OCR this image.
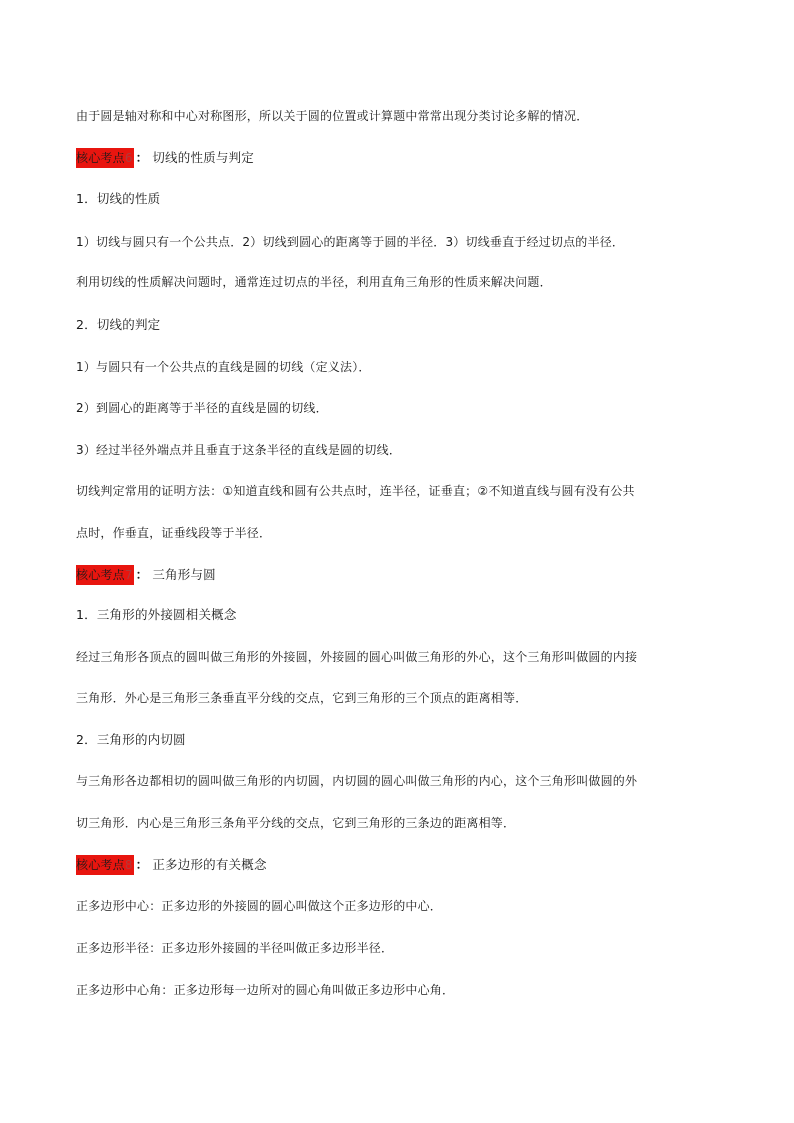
由于圆是轴对称和中心对称图形，所以关于圆的位置或计算题中常常出现分类讨论多解的情况．
核心考点6 ： 切线的性质与判定
1．切线的性质
1）切线与圆只有一个公共点．2）切线到圆心的距离等于圆的半径．3）切线垂直于经过切点的半径．
利用切线的性质解决问题时，通常连过切点的半径，利用直角三角形的性质来解决问题．
2．切线的判定
1）与圆只有一个公共点的直线是圆的切线（定义法）．
2）到圆心的距离等于半径的直线是圆的切线．
3）经过半径外端点并且垂直于这条半径的直线是圆的切线．
切线判定常用的证明方法：①知道直线和圆有公共点时，连半径，证垂直；②不知道直线与圆有没有公共
点时，作垂直，证垂线段等于半径．
核心考点7 ： 三角形与圆
1．三角形的外接圆相关概念
经过三角形各顶点的圆叫做三角形的外接圆，外接圆的圆心叫做三角形的外心，这个三角形叫做圆的内接
三角形．外心是三角形三条垂直平分线的交点，它到三角形的三个顶点的距离相等．
2．三角形的内切圆
与三角形各边都相切的圆叫做三角形的内切圆，内切圆的圆心叫做三角形的内心，这个三角形叫做圆的外
切三角形．内心是三角形三条角平分线的交点，它到三角形的三条边的距离相等．
核心考点8 ： 正多边形的有关概念
正多边形中心：正多边形的外接圆的圆心叫做这个正多边形的中心．
正多边形半径：正多边形外接圆的半径叫做正多边形半径．
正多边形中心角：正多边形每一边所对的圆心角叫做正多边形中心角．
